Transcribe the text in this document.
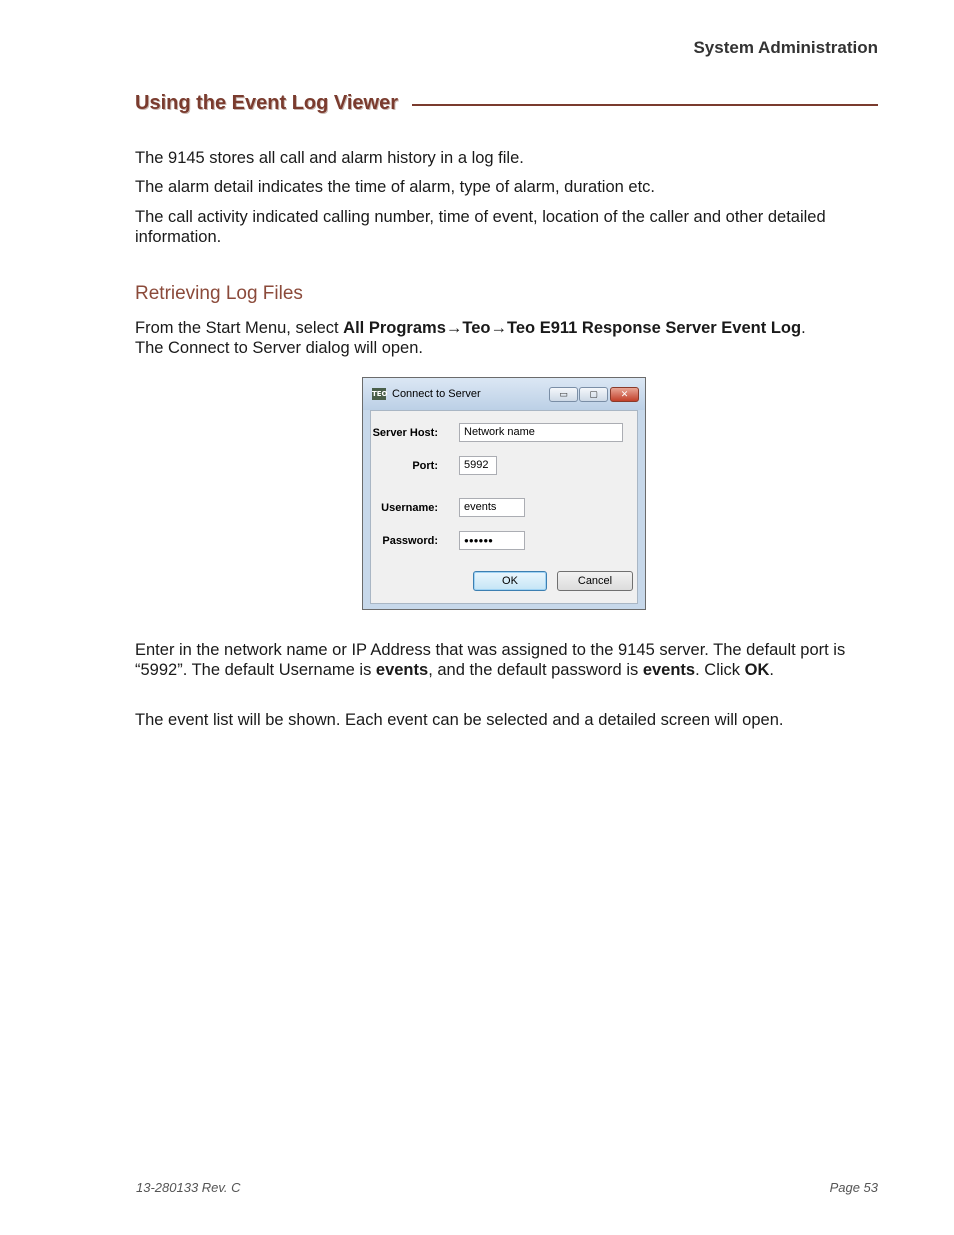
System Administration
Using the Event Log Viewer
The 9145 stores all call and alarm history in a log file.
The alarm detail indicates the time of alarm, type of alarm, duration etc.
The call activity indicated calling number, time of event, location of the caller and other detailed information.
Retrieving Log Files
From the Start Menu, select All Programs→Teo→Teo E911 Response Server Event Log.
The Connect to Server dialog will open.
TEO Connect to Server	▭	▢	✕
Server Host:	Network name
Port:	5992
Username:	events
Password:	●●●●●●
OK	Cancel
Enter in the network name or IP Address that was assigned to the 9145 server. The default port is “5992”. The default Username is events, and the default password is events. Click OK.
The event list will be shown. Each event can be selected and a detailed screen will open.
13-280133 Rev. C	Page 53
